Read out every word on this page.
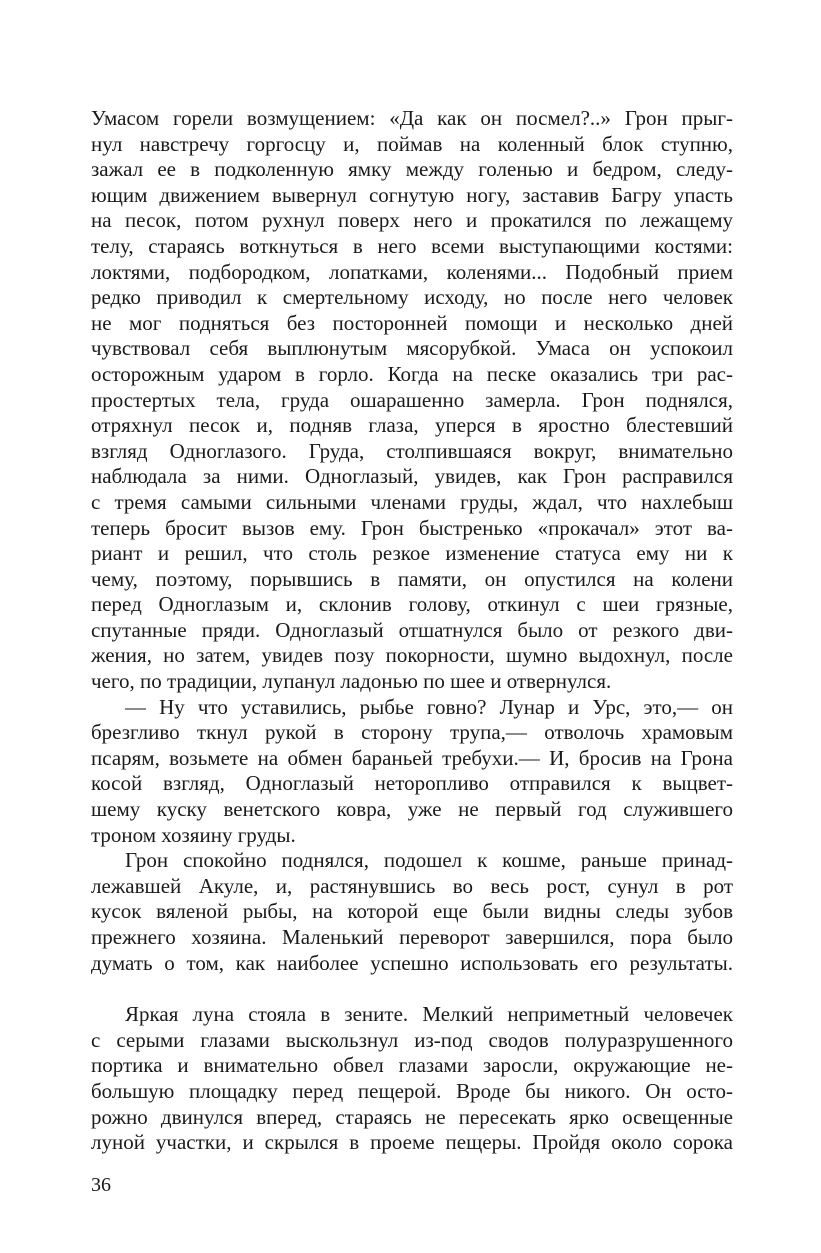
Умасом горели возмущением: «Да как он посмел?..» Грон прыг-
нул навстречу горгосцу и, поймав на коленный блок ступню,
зажал ее в подколенную ямку между голенью и бедром, следу-
ющим движением вывернул согнутую ногу, заставив Багру упасть
на песок, потом рухнул поверх него и прокатился по лежащему
телу, стараясь воткнуться в него всеми выступающими костями:
локтями, подбородком, лопатками, коленями... Подобный прием
редко приводил к смертельному исходу, но после него человек
не мог подняться без посторонней помощи и несколько дней
чувствовал себя выплюнутым мясорубкой. Умаса он успокоил
осторожным ударом в горло. Когда на песке оказались три рас-
простертых тела, груда ошарашенно замерла. Грон поднялся,
отряхнул песок и, подняв глаза, уперся в яростно блестевший
взгляд Одноглазого. Груда, столпившаяся вокруг, внимательно
наблюдала за ними. Одноглазый, увидев, как Грон расправился
с тремя самыми сильными членами груды, ждал, что нахлебыш
теперь бросит вызов ему. Грон быстренько «прокачал» этот ва-
риант и решил, что столь резкое изменение статуса ему ни к
чему, поэтому, порывшись в памяти, он опустился на колени
перед Одноглазым и, склонив голову, откинул с шеи грязные,
спутанные пряди. Одноглазый отшатнулся было от резкого дви-
жения, но затем, увидев позу покорности, шумно выдохнул, после
чего, по традиции, лупанул ладонью по шее и отвернулся.
— Ну что уставились, рыбье говно? Лунар и Урс, это,— он
брезгливо ткнул рукой в сторону трупа,— отволочь храмовым
псарям, возьмете на обмен бараньей требухи.— И, бросив на Грона
косой взгляд, Одноглазый неторопливо отправился к выцвет-
шему куску венетского ковра, уже не первый год служившего
троном хозяину груды.
Грон спокойно поднялся, подошел к кошме, раньше принад-
лежавшей Акуле, и, растянувшись во весь рост, сунул в рот
кусок вяленой рыбы, на которой еще были видны следы зубов
прежнего хозяина. Маленький переворот завершился, пора было
думать о том, как наиболее успешно использовать его результаты.
Яркая луна стояла в зените. Мелкий неприметный человечек
с серыми глазами выскользнул из-под сводов полуразрушенного
портика и внимательно обвел глазами заросли, окружающие не-
большую площадку перед пещерой. Вроде бы никого. Он осто-
рожно двинулся вперед, стараясь не пересекать ярко освещенные
луной участки, и скрылся в проеме пещеры. Пройдя около сорока
36
